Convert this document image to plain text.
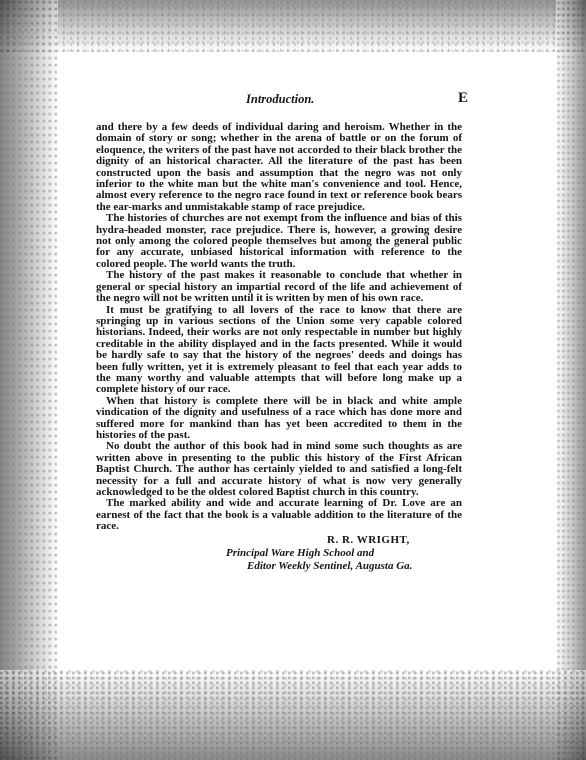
Introduction.	E

and there by a few deeds of individual daring and heroism. Whether in the domain of story or song; whether in the arena of battle or on the forum of eloquence, the writers of the past have not accorded to their black brother the dignity of an historical character. All the literature of the past has been constructed upon the basis and assumption that the negro was not only inferior to the white man but the white man's convenience and tool. Hence, almost every reference to the negro race found in text or reference book bears the ear-marks and unmistakable stamp of race prejudice.

The histories of churches are not exempt from the influence and bias of this hydra-headed monster, race prejudice. There is, however, a growing desire not only among the colored people themselves but among the general public for any accurate, unbiased historical information with reference to the colored people. The world wants the truth.

The history of the past makes it reasonable to conclude that whether in general or special history an impartial record of the life and achievement of the negro will not be written until it is written by men of his own race.

It must be gratifying to all lovers of the race to know that there are springing up in various sections of the Union some very capable colored historians. Indeed, their works are not only respectable in number but highly creditable in the ability displayed and in the facts presented. While it would be hardly safe to say that the history of the negroes' deeds and doings has been fully written, yet it is extremely pleasant to feel that each year adds to the many worthy and valuable attempts that will before long make up a complete history of our race.

When that history is complete there will be in black and white ample vindication of the dignity and usefulness of a race which has done more and suffered more for mankind than has yet been accredited to them in the histories of the past.

No doubt the author of this book had in mind some such thoughts as are written above in presenting to the public this history of the First African Baptist Church. The author has certainly yielded to and satisfied a long-felt necessity for a full and accurate history of what is now very generally acknowledged to be the oldest colored Baptist church in this country.

The marked ability and wide and accurate learning of Dr. Love are an earnest of the fact that the book is a valuable addition to the literature of the race.

R. R. WRIGHT,
Principal Ware High School and
Editor Weekly Sentinel, Augusta Ga.
